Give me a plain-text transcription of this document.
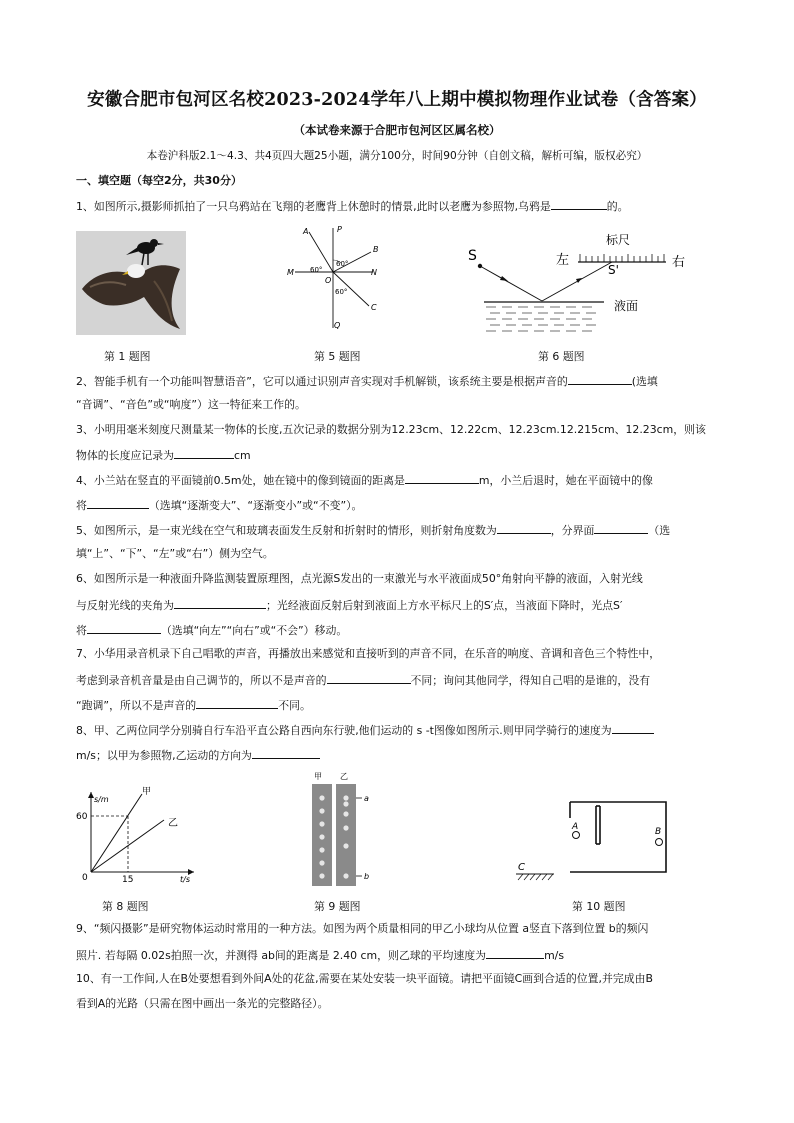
安徽合肥市包河区名校2023-2024学年八上期中模拟物理作业试卷（含答案）
（本试卷来源于合肥市包河区区属名校）
本卷沪科版2.1～4.3、共4页四大题25小题，满分100分，时间90分钟（自创文稿，解析可编，版权必究）
一、填空题（每空2分，共30分）
1、如图所示,摄影师抓拍了一只乌鸦站在飞翔的老鹰背上休憩时的情景,此时以老鹰为参照物,乌鸦是	的。
A	P
B
M	N
O
C
Q
60°
60°
60°
S	左
标尺
右
S'
液面
第 1 题图	第 5 题图	第 6 题图
2、智能手机有一个功能叫智慧语音”，它可以通过识别声音实现对手机解锁，该系统主要是根据声音的	(选填
“音调”、“音色”或“响度”）这一特征来工作的。
3、小明用毫米刻度尺测量某一物体的长度,五次记录的数据分别为12.23cm、12.22cm、12.23cm.12.215cm、12.23cm，则该
物体的长度应记录为	cm
4、小兰站在竖直的平面镜前0.5m处，她在镜中的像到镜面的距离是	m，小兰后退时，她在平面镜中的像
将	（选填“逐渐变大”、“逐渐变小”或“不变”）。
5、如图所示，是一束光线在空气和玻璃表面发生反射和折射时的情形，则折射角度数为	，分界面	（选
填“上”、“下”、“左”或“右”）侧为空气。
6、如图所示是一种液面升降监测装置原理图，点光源S发出的一束激光与水平液面成50°角射向平静的液面，入射光线
与反射光线的夹角为	；光经液面反射后射到液面上方水平标尺上的S′点，当液面下降时，光点S′
将	（选填“向左”“向右”或“不会”）移动。
7、小华用录音机录下自己唱歌的声音，再播放出来感觉和直接听到的声音不同，在乐音的响度、音调和音色三个特性中，
考虑到录音机音量是由自己调节的，所以不是声音的	不同；询问其他同学，得知自己唱的是谁的，没有
“跑调”，所以不是声音的	不同。
8、甲、乙两位同学分别骑自行车沿平直公路自西向东行驶,他们运动的 s -t图像如图所示.则甲同学骑行的速度为
m/s；以甲为参照物,乙运动的方向为
s/m
甲
乙
60
0	15	t/s
甲 乙
a
b
A	B
C
第 8 题图	第 9 题图	第 10 题图
9、“频闪摄影”是研究物体运动时常用的一种方法。如图为两个质量相同的甲乙小球均从位置 a竖直下落到位置 b的频闪
照片. 若每隔 0.02s拍照一次，并测得 ab间的距离是 2.40 cm，则乙球的平均速度为	m/s
10、有一工作间,人在B处要想看到外间A处的花盆,需要在某处安装一块平面镜。请把平面镜C画到合适的位置,并完成由B
看到A的光路（只需在图中画出一条光的完整路径）。
